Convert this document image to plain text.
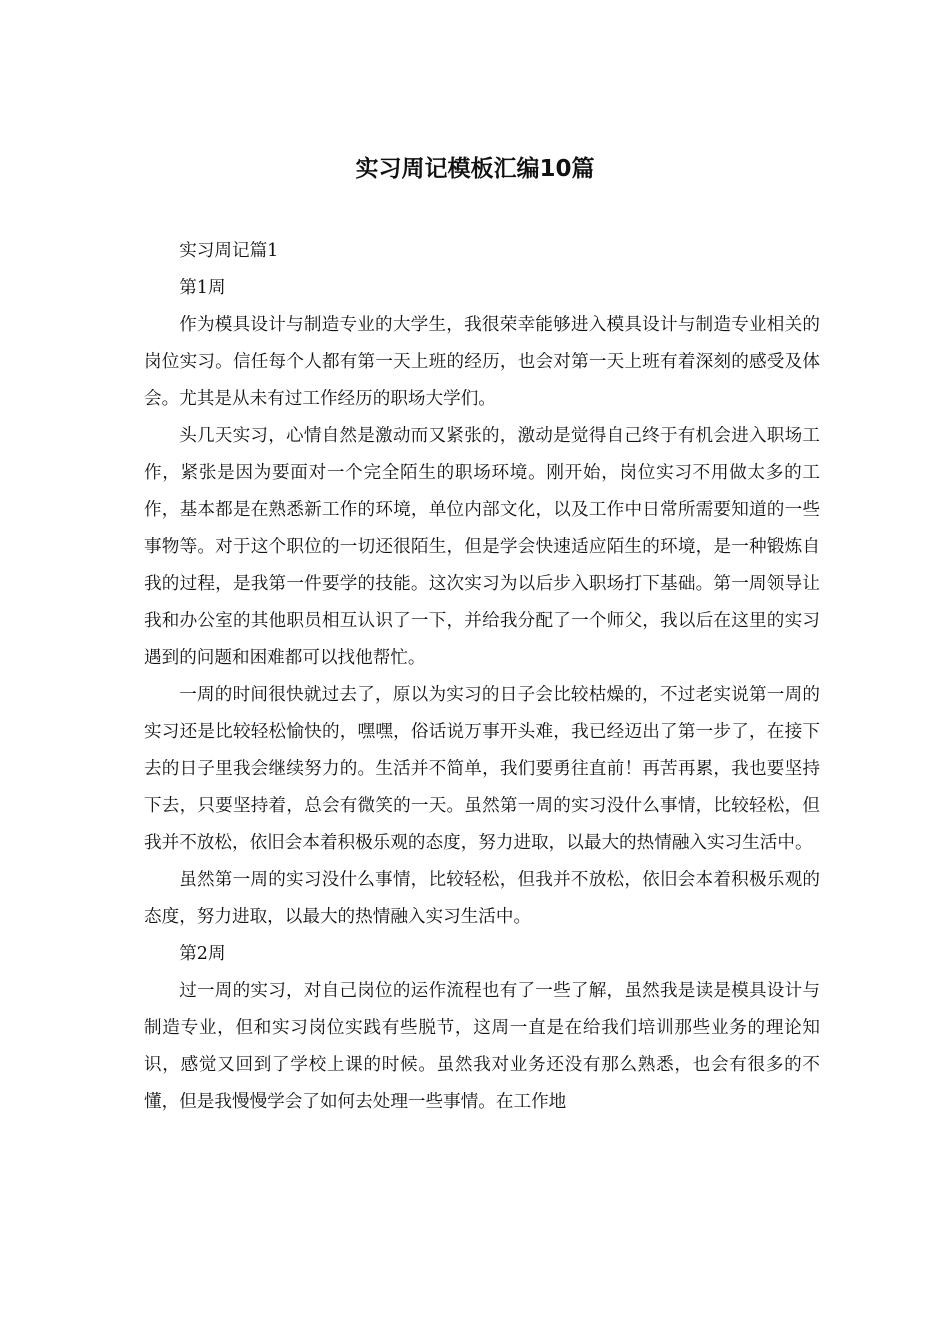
实习周记模板汇编10篇

实习周记篇1

第1周

作为模具设计与制造专业的大学生，我很荣幸能够进入模具设计与制造专业相关的岗位实习。信任每个人都有第一天上班的经历，也会对第一天上班有着深刻的感受及体会。尤其是从未有过工作经历的职场大学们。

头几天实习，心情自然是激动而又紧张的，激动是觉得自己终于有机会进入职场工作，紧张是因为要面对一个完全陌生的职场环境。刚开始，岗位实习不用做太多的工作，基本都是在熟悉新工作的环境，单位内部文化，以及工作中日常所需要知道的一些事物等。对于这个职位的一切还很陌生，但是学会快速适应陌生的环境，是一种锻炼自我的过程，是我第一件要学的技能。这次实习为以后步入职场打下基础。第一周领导让我和办公室的其他职员相互认识了一下，并给我分配了一个师父，我以后在这里的实习遇到的问题和困难都可以找他帮忙。

一周的时间很快就过去了，原以为实习的日子会比较枯燥的，不过老实说第一周的实习还是比较轻松愉快的，嘿嘿，俗话说万事开头难，我已经迈出了第一步了，在接下去的日子里我会继续努力的。生活并不简单，我们要勇往直前！再苦再累，我也要坚持下去，只要坚持着，总会有微笑的一天。虽然第一周的实习没什么事情，比较轻松，但我并不放松，依旧会本着积极乐观的态度，努力进取，以最大的热情融入实习生活中。

虽然第一周的实习没什么事情，比较轻松，但我并不放松，依旧会本着积极乐观的态度，努力进取，以最大的热情融入实习生活中。

第2周

过一周的实习，对自己岗位的运作流程也有了一些了解，虽然我是读是模具设计与制造专业，但和实习岗位实践有些脱节，这周一直是在给我们培训那些业务的理论知识，感觉又回到了学校上课的时候。虽然我对业务还没有那么熟悉，也会有很多的不懂，但是我慢慢学会了如何去处理一些事情。在工作地
